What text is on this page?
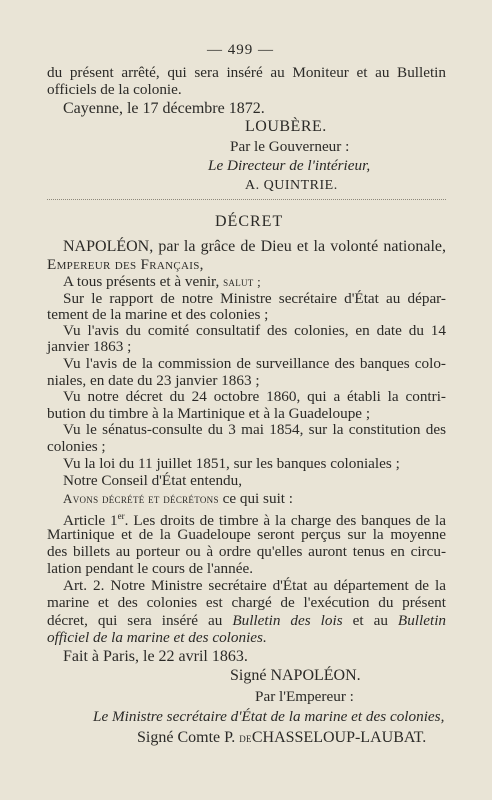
— 499 —
du présent arrêté, qui sera inséré au Moniteur et au Bulletin
officiels de la colonie.
Cayenne, le 17 décembre 1872.
LOUBÈRE.
Par le Gouverneur :
Le Directeur de l'intérieur,
A. QUINTRIE.
DÉCRET
NAPOLÉON, par la grâce de Dieu et la volonté nationale,
Empereur des Français,
A tous présents et à venir, salut ;
Sur le rapport de notre Ministre secrétaire d'État au dépar-
tement de la marine et des colonies ;
Vu l'avis du comité consultatif des colonies, en date du 14
janvier 1863 ;
Vu l'avis de la commission de surveillance des banques colo-
niales, en date du 23 janvier 1863 ;
Vu notre décret du 24 octobre 1860, qui a établi la contri-
bution du timbre à la Martinique et à la Guadeloupe ;
Vu le sénatus-consulte du 3 mai 1854, sur la constitution des
colonies ;
Vu la loi du 11 juillet 1851, sur les banques coloniales ;
Notre Conseil d'État entendu,
Avons décrété et décrétons ce qui suit :
Article 1er. Les droits de timbre à la charge des banques de la
Martinique et de la Guadeloupe seront perçus sur la moyenne
des billets au porteur ou à ordre qu'elles auront tenus en circu-
lation pendant le cours de l'année.
Art. 2. Notre Ministre secrétaire d'État au département de la
marine et des colonies est chargé de l'exécution du présent
décret, qui sera inséré au Bulletin des lois et au Bulletin
officiel de la marine et des colonies.
Fait à Paris, le 22 avril 1863.
Signé NAPOLÉON.
Par l'Empereur :
Le Ministre secrétaire d'État de la marine et des colonies,
Signé Comte P. deCHASSELOUP-LAUBAT.
